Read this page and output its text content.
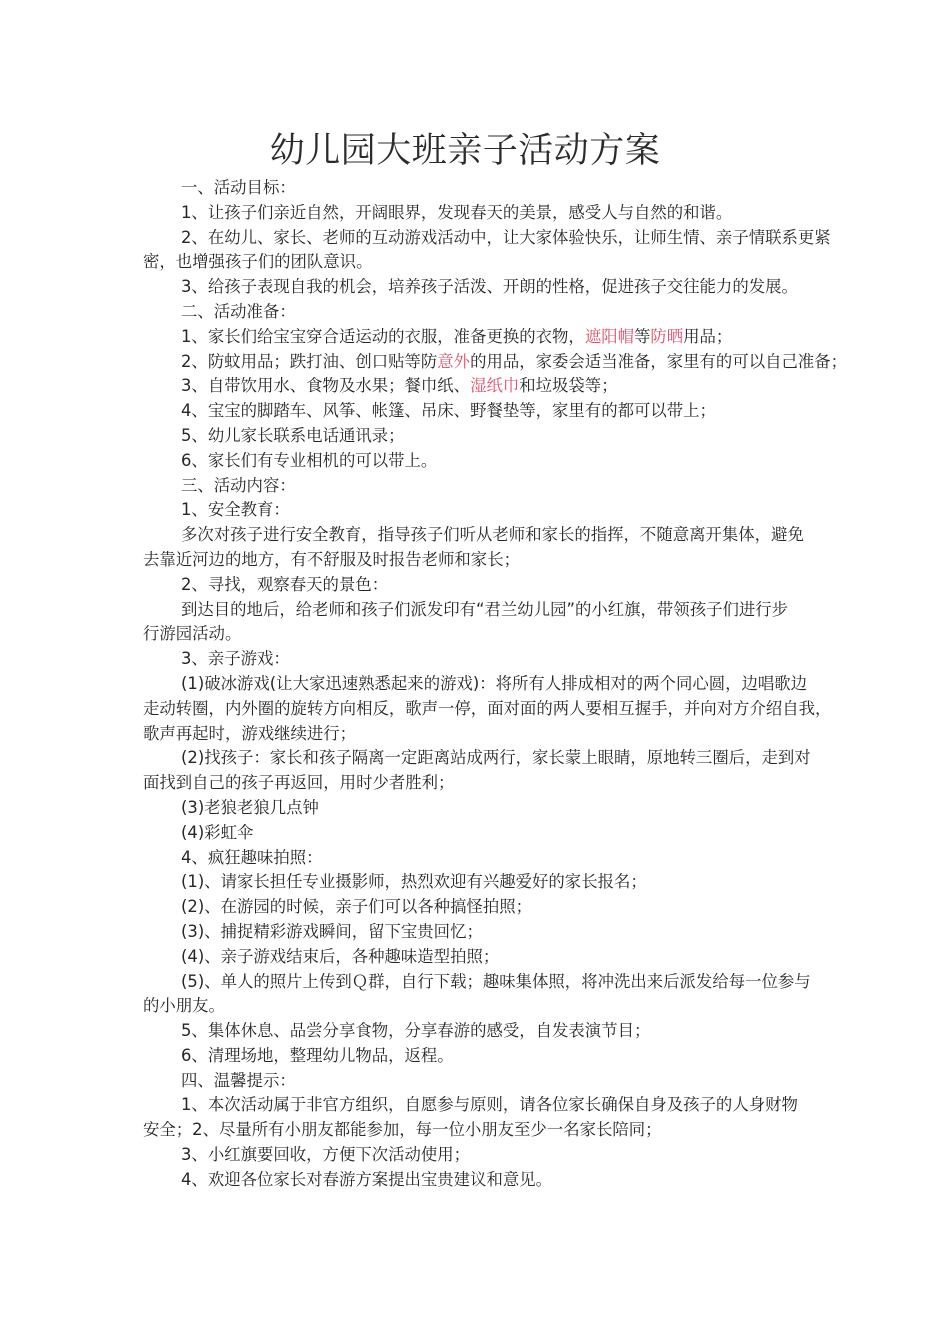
幼儿园大班亲子活动方案
一、活动目标：
1、让孩子们亲近自然，开阔眼界，发现春天的美景，感受人与自然的和谐。
2、在幼儿、家长、老师的互动游戏活动中，让大家体验快乐，让师生情、亲子情联系更紧
密，也增强孩子们的团队意识。
3、给孩子表现自我的机会，培养孩子活泼、开朗的性格，促进孩子交往能力的发展。
二、活动准备：
1、家长们给宝宝穿合适运动的衣服，准备更换的衣物，遮阳帽等防晒用品；
2、防蚊用品；跌打油、创口贴等防意外的用品，家委会适当准备，家里有的可以自己准备；
3、自带饮用水、食物及水果；餐巾纸、湿纸巾和垃圾袋等；
4、宝宝的脚踏车、风筝、帐篷、吊床、野餐垫等，家里有的都可以带上；
5、幼儿家长联系电话通讯录；
6、家长们有专业相机的可以带上。
三、活动内容：
1、安全教育：
多次对孩子进行安全教育，指导孩子们听从老师和家长的指挥，不随意离开集体，避免
去靠近河边的地方，有不舒服及时报告老师和家长；
2、寻找，观察春天的景色：
到达目的地后，给老师和孩子们派发印有“君兰幼儿园”的小红旗，带领孩子们进行步
行游园活动。
3、亲子游戏：
(1)破冰游戏(让大家迅速熟悉起来的游戏)：将所有人排成相对的两个同心圆，边唱歌边
走动转圈，内外圈的旋转方向相反，歌声一停，面对面的两人要相互握手，并向对方介绍自我，
歌声再起时，游戏继续进行；
(2)找孩子：家长和孩子隔离一定距离站成两行，家长蒙上眼睛，原地转三圈后，走到对
面找到自己的孩子再返回，用时少者胜利；
(3)老狼老狼几点钟
(4)彩虹伞
4、疯狂趣味拍照：
(1)、请家长担任专业摄影师，热烈欢迎有兴趣爱好的家长报名；
(2)、在游园的时候，亲子们可以各种搞怪拍照；
(3)、捕捉精彩游戏瞬间，留下宝贵回忆；
(4)、亲子游戏结束后，各种趣味造型拍照；
(5)、单人的照片上传到Ｑ群，自行下载；趣味集体照，将冲洗出来后派发给每一位参与
的小朋友。
5、集体休息、品尝分享食物，分享春游的感受，自发表演节目；
6、清理场地，整理幼儿物品，返程。
四、温馨提示：
1、本次活动属于非官方组织，自愿参与原则，请各位家长确保自身及孩子的人身财物
安全；2、尽量所有小朋友都能参加，每一位小朋友至少一名家长陪同；
3、小红旗要回收，方便下次活动使用；
4、欢迎各位家长对春游方案提出宝贵建议和意见。
